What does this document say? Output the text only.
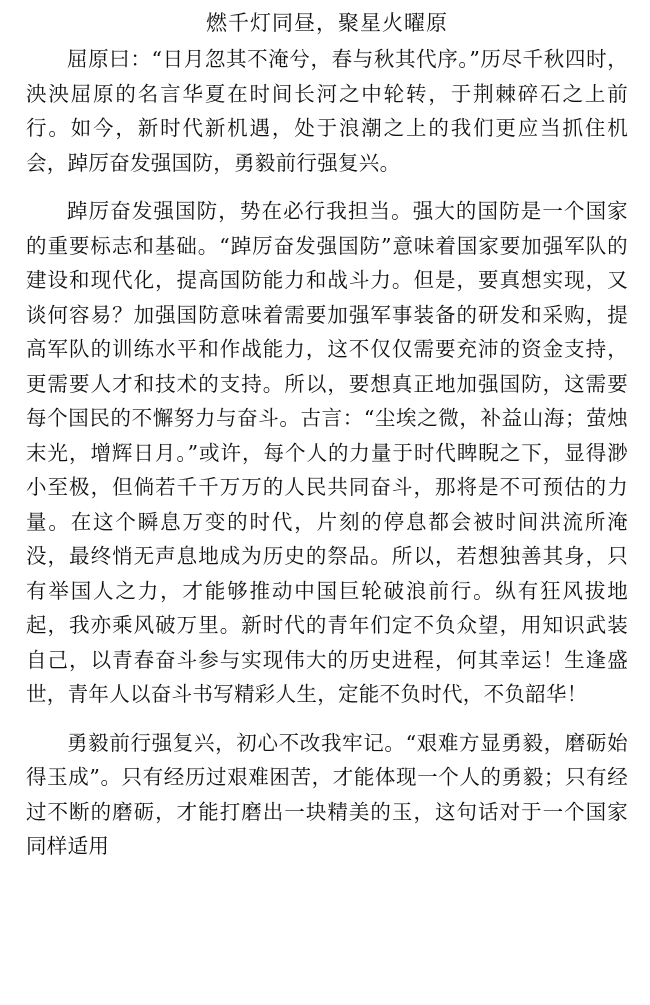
燃千灯同昼，聚星火曜原

屈原曰：“日月忽其不淹兮，春与秋其代序。”历尽千秋四时，泱泱屈原的名言华夏在时间长河之中轮转，于荆棘碎石之上前行。如今，新时代新机遇，处于浪潮之上的我们更应当抓住机会，踔厉奋发强国防，勇毅前行强复兴。

踔厉奋发强国防，势在必行我担当。强大的国防是一个国家的重要标志和基础。“踔厉奋发强国防”意味着国家要加强军队的建设和现代化，提高国防能力和战斗力。但是，要真想实现，又谈何容易？加强国防意味着需要加强军事装备的研发和采购，提高军队的训练水平和作战能力，这不仅仅需要充沛的资金支持，更需要人才和技术的支持。所以，要想真正地加强国防，这需要每个国民的不懈努力与奋斗。古言：“尘埃之微，补益山海；萤烛末光，增辉日月。”或许，每个人的力量于时代睥睨之下，显得渺小至极，但倘若千千万万的人民共同奋斗，那将是不可预估的力量。在这个瞬息万变的时代，片刻的停息都会被时间洪流所淹没，最终悄无声息地成为历史的祭品。所以，若想独善其身，只有举国人之力，才能够推动中国巨轮破浪前行。纵有狂风拔地起，我亦乘风破万里。新时代的青年们定不负众望，用知识武装自己，以青春奋斗参与实现伟大的历史进程，何其幸运！生逢盛世，青年人以奋斗书写精彩人生，定能不负时代，不负韶华！

勇毅前行强复兴，初心不改我牢记。“艰难方显勇毅，磨砺始得玉成”。只有经历过艰难困苦，才能体现一个人的勇毅；只有经过不断的磨砺，才能打磨出一块精美的玉，这句话对于一个国家同样适用
